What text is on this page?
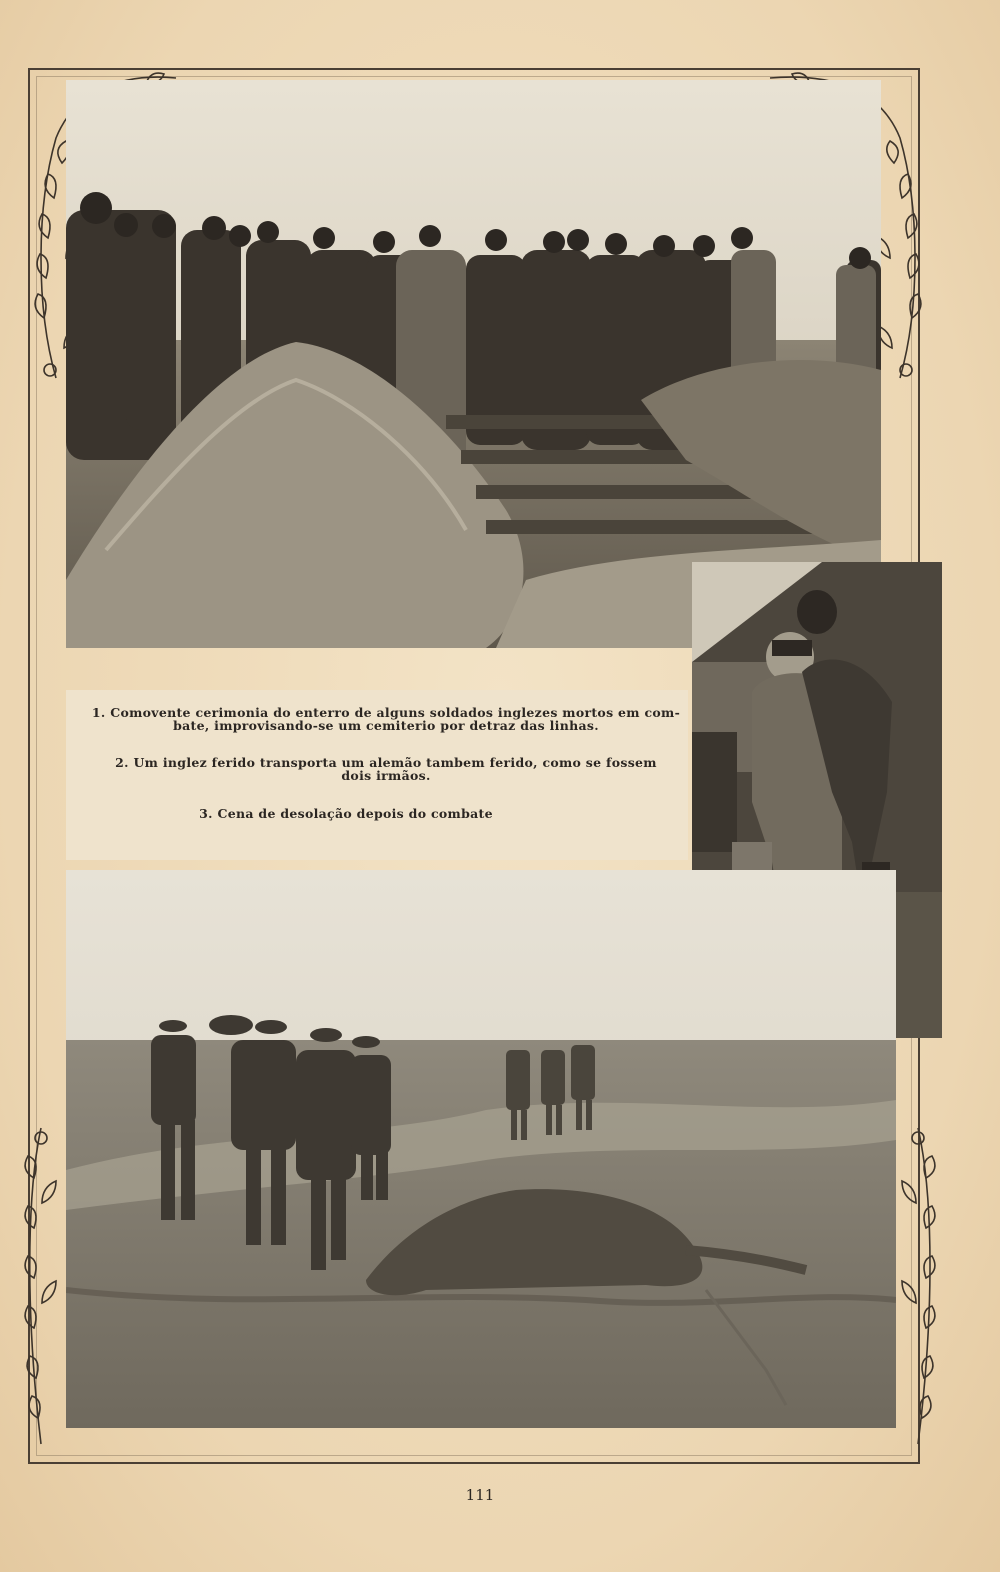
1. Comovente cerimonia do enterro de alguns soldados inglezes mortos em com-
bate, improvisando-se um cemiterio por detraz das linhas.
2. Um inglez ferido transporta um alemão tambem ferido, como se fossem
dois irmãos.
3. Cena de desolação depois do combate
111
